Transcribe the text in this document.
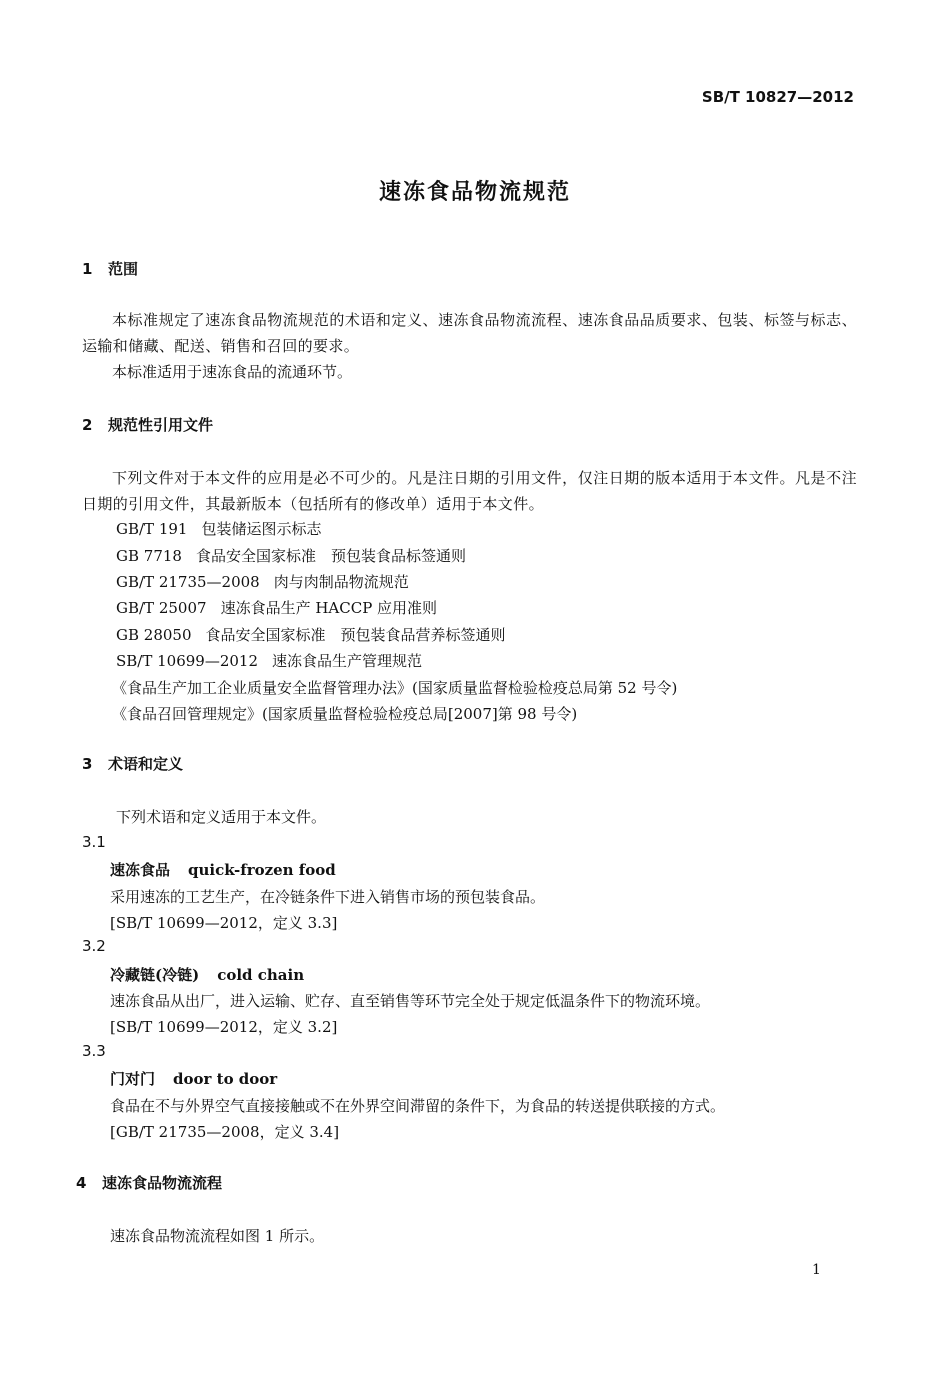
SB/T 10827—2012
速冻食品物流规范
1 范围
本标准规定了速冻食品物流规范的术语和定义、速冻食品物流流程、速冻食品品质要求、包装、标签与标志、运输和储藏、配送、销售和召回的要求。
本标准适用于速冻食品的流通环节。
2 规范性引用文件
下列文件对于本文件的应用是必不可少的。凡是注日期的引用文件，仅注日期的版本适用于本文件。凡是不注日期的引用文件，其最新版本（包括所有的修改单）适用于本文件。
GB/T 191 包装储运图示标志
GB 7718 食品安全国家标准　预包装食品标签通则
GB/T 21735—2008 肉与肉制品物流规范
GB/T 25007 速冻食品生产 HACCP 应用准则
GB 28050 食品安全国家标准　预包装食品营养标签通则
SB/T 10699—2012 速冻食品生产管理规范
《食品生产加工企业质量安全监督管理办法》(国家质量监督检验检疫总局第 52 号令)
《食品召回管理规定》(国家质量监督检验检疫总局[2007]第 98 号令)
3 术语和定义
下列术语和定义适用于本文件。
3.1
速冻食品 quick-frozen food
采用速冻的工艺生产，在冷链条件下进入销售市场的预包装食品。
[SB/T 10699—2012，定义 3.3]
3.2
冷藏链(冷链) cold chain
速冻食品从出厂，进入运输、贮存、直至销售等环节完全处于规定低温条件下的物流环境。
[SB/T 10699—2012，定义 3.2]
3.3
门对门 door to door
食品在不与外界空气直接接触或不在外界空间滞留的条件下，为食品的转送提供联接的方式。
[GB/T 21735—2008，定义 3.4]
4 速冻食品物流流程
速冻食品物流流程如图 1 所示。
1
